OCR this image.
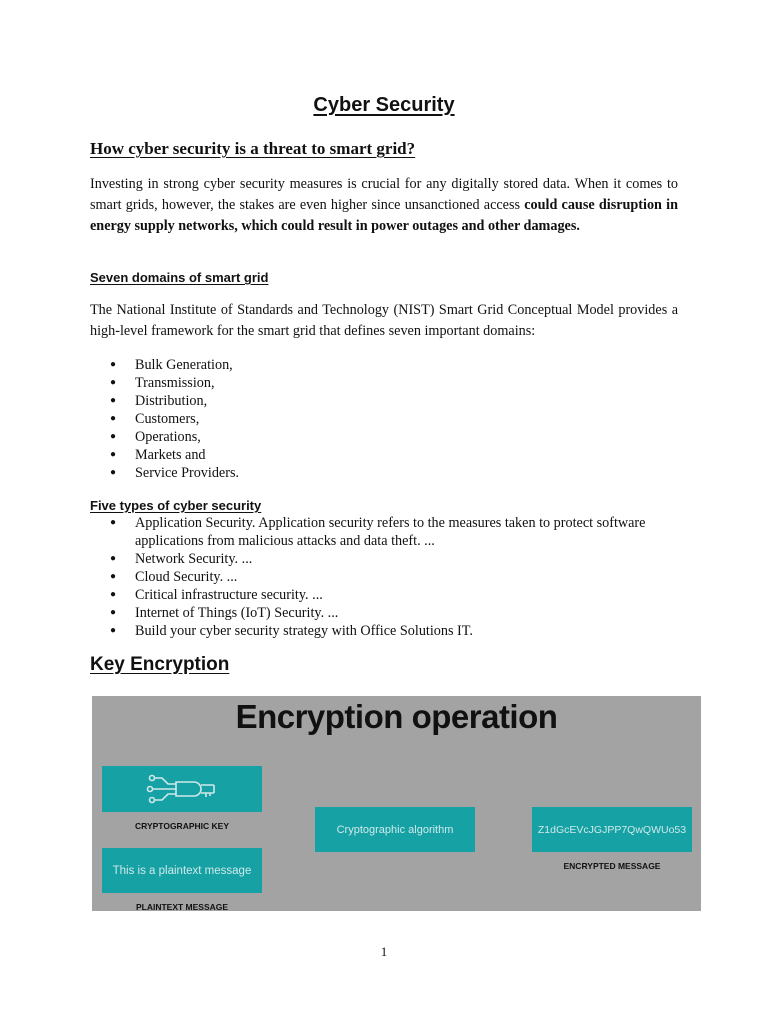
Cyber Security
How cyber security is a threat to smart grid?

Investing in strong cyber security measures is crucial for any digitally stored data. When it comes to smart grids, however, the stakes are even higher since unsanctioned access could cause disruption in energy supply networks, which could result in power outages and other damages.

Seven domains of smart grid

The National Institute of Standards and Technology (NIST) Smart Grid Conceptual Model provides a high-level framework for the smart grid that defines seven important domains:

● Bulk Generation,
● Transmission,
● Distribution,
● Customers,
● Operations,
● Markets and
● Service Providers.
Five types of cyber security
● Application Security. Application security refers to the measures taken to protect software applications from malicious attacks and data theft. ...
● Network Security. ...
● Cloud Security. ...
● Critical infrastructure security. ...
● Internet of Things (IoT) Security. ...
● Build your cyber security strategy with Office Solutions IT.
Key Encryption
Encryption operation
CRYPTOGRAPHIC KEY
This is a plaintext message
PLAINTEXT MESSAGE
Cryptographic algorithm	Z1dGcEVcJGJPP7QwQWUo53
ENCRYPTED MESSAGE
1
